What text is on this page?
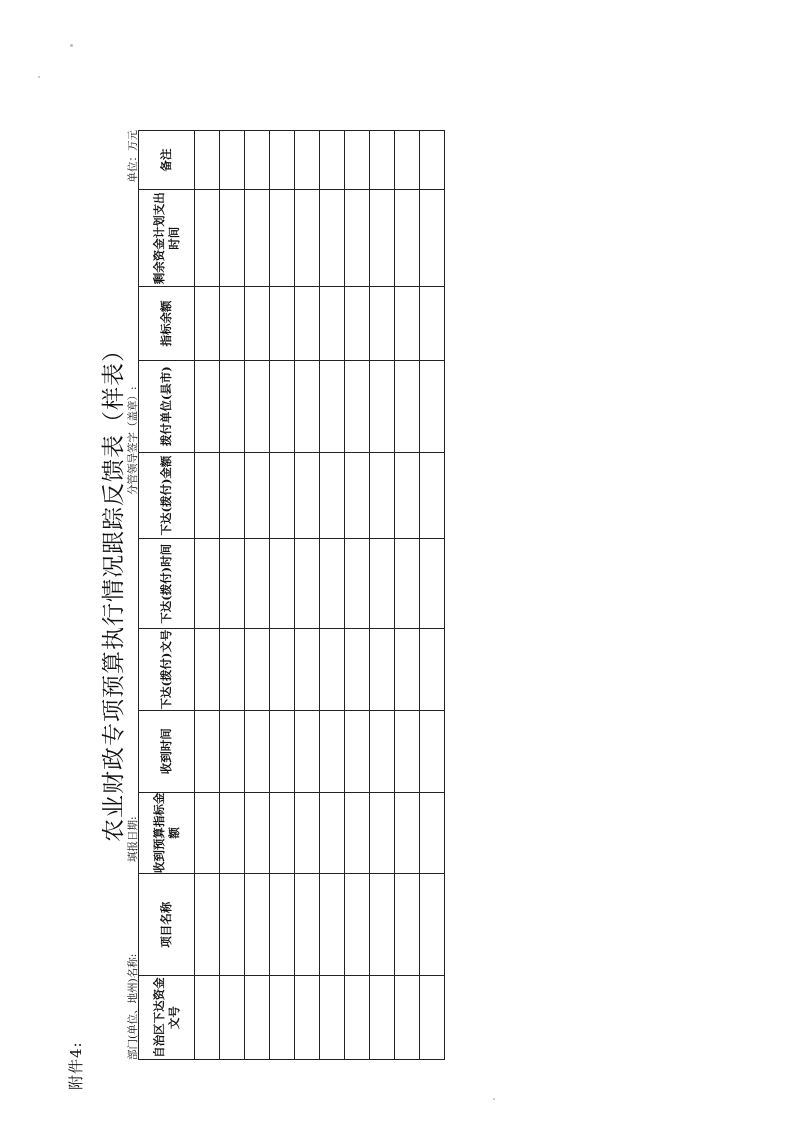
附件4:
农业财政专项预算执行情况跟踪反馈表（样表）
部门(单位、地州)名称:
填报日期:
分管领导签字（盖章）:
单位：万元
自治区下达资金文号	项目名称	收到预算指标金额	收到时间	下达(拨付)文号	下达(拨付)时间	下达(拨付)金额	拨付单位(县市)	指标余额	剩余资金计划支出时间	备注
